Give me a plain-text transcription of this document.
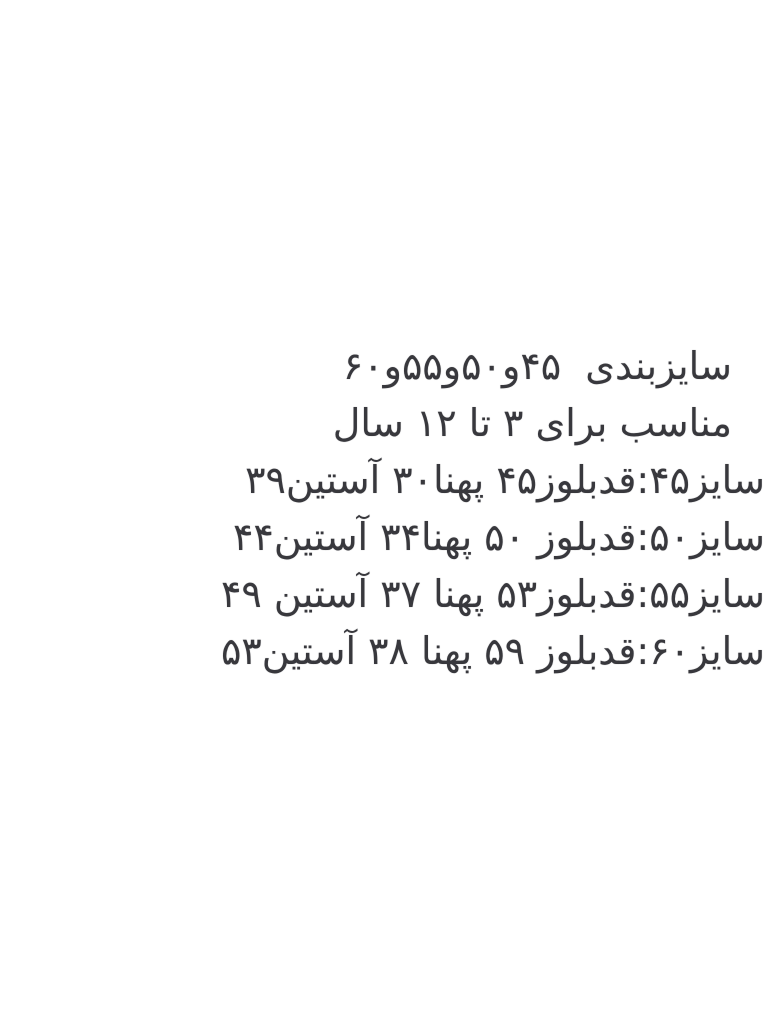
سایزبندی  ۴۵و۵۰و۵۵و۶۰
مناسب برای ۳ تا ۱۲ سال
سایز۴۵:قدبلوز۴۵ پهنا۳۰ آستین۳۹
سایز۵۰:قدبلوز ۵۰ پهنا۳۴ آستین۴۴
سایز۵۵:قدبلوز۵۳ پهنا ۳۷ آستین ۴۹
سایز۶۰:قدبلوز ۵۹ پهنا ۳۸ آستین۵۳
